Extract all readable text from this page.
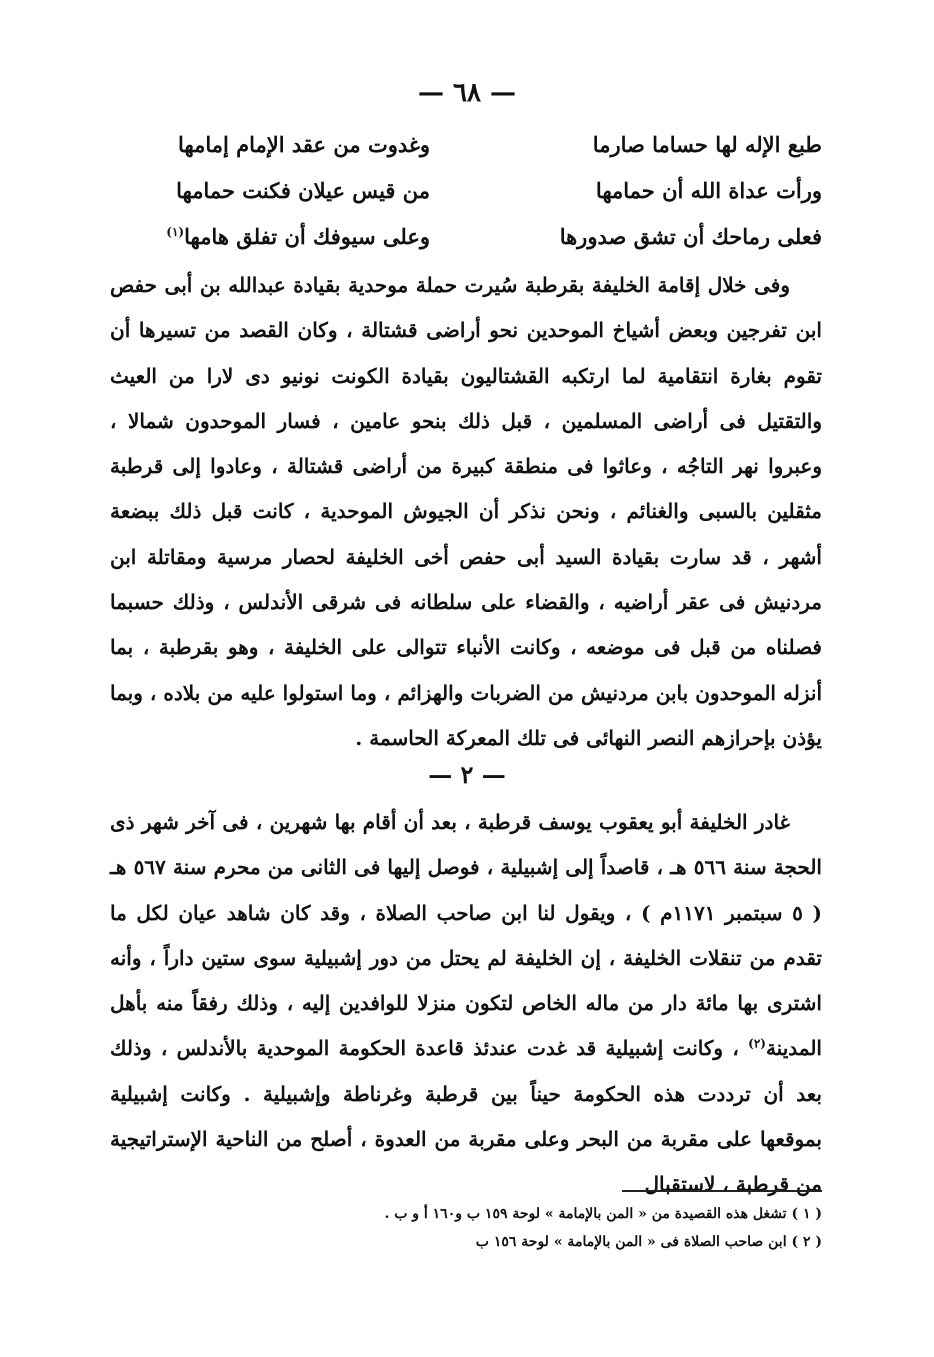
— ٦٨ —
طبع الإله لها حساما صارما
وغدوت من عقد الإمام إمامها
ورأت عداة الله أن حمامها
من قيس عيلان فكنت حمامها
فعلى رماحك أن تشق صدورها
وعلى سيوفك أن تفلق هامها$^{(١)}$

وفى خلال إقامة الخليفة بقرطبة سُيرت حملة موحدية بقيادة عبدالله بن أبى حفص ابن تفرجين وبعض أشياخ الموحدين نحو أراضى قشتالة ، وكان القصد من تسيرها أن تقوم بغارة انتقامية لما ارتكبه القشتاليون بقيادة الكونت نونيو دى لارا من العيث والتقتيل فى أراضى المسلمين ، قبل ذلك بنحو عامين ، فسار الموحدون شمالا ، وعبروا نهر التاجُه ، وعاثوا فى منطقة كبيرة من أراضى قشتالة ، وعادوا إلى قرطبة مثقلين بالسبى والغنائم ، ونحن نذكر أن الجيوش الموحدية ، كانت قبل ذلك ببضعة أشهر ، قد سارت بقيادة السيد أبى حفص أخى الخليفة لحصار مرسية ومقاتلة ابن مردنيش فى عقر أراضيه ، والقضاء على سلطانه فى شرقى الأندلس ، وذلك حسبما فصلناه من قبل فى موضعه ، وكانت الأنباء تتوالى على الخليفة ، وهو بقرطبة ، بما أنزله الموحدون بابن مردنيش من الضربات والهزائم ، وما استولوا عليه من بلاده ، وبما يؤذن بإحرازهم النصر النهائى فى تلك المعركة الحاسمة .

— ٢ —

غادر الخليفة أبو يعقوب يوسف قرطبة ، بعد أن أقام بها شهرين ، فى آخر شهر ذى الحجة سنة ٥٦٦ هـ ، قاصداً إلى إشبيلية ، فوصل إليها فى الثانى من محرم سنة ٥٦٧ هـ ( ٥ سبتمبر ١١٧١م ) ، ويقول لنا ابن صاحب الصلاة ، وقد كان شاهد عيان لكل ما تقدم من تنقلات الخليفة ، إن الخليفة لم يحتل من دور إشبيلية سوى ستين داراً ، وأنه اشترى بها مائة دار من ماله الخاص لتكون منزلا للوافدين إليه ، وذلك رفقاً منه بأهل المدينة$^{(٢)}$ ، وكانت إشبيلية قد غدت عندئذ قاعدة الحكومة الموحدية بالأندلس ، وذلك بعد أن ترددت هذه الحكومة حيناً بين قرطبة وغرناطة وإشبيلية . وكانت إشبيلية بموقعها على مقربة من البحر وعلى مقربة من العدوة ، أصلح من الناحية الإستراتيجية من قرطبة ، لاستقبال

( ١ ) تشغل هذه القصيدة من « المن بالإمامة » لوحة ١٥٩ ب و١٦٠ أ و ب .

( ٢ ) ابن صاحب الصلاة فى « المن بالإمامة » لوحة ١٥٦ ب
